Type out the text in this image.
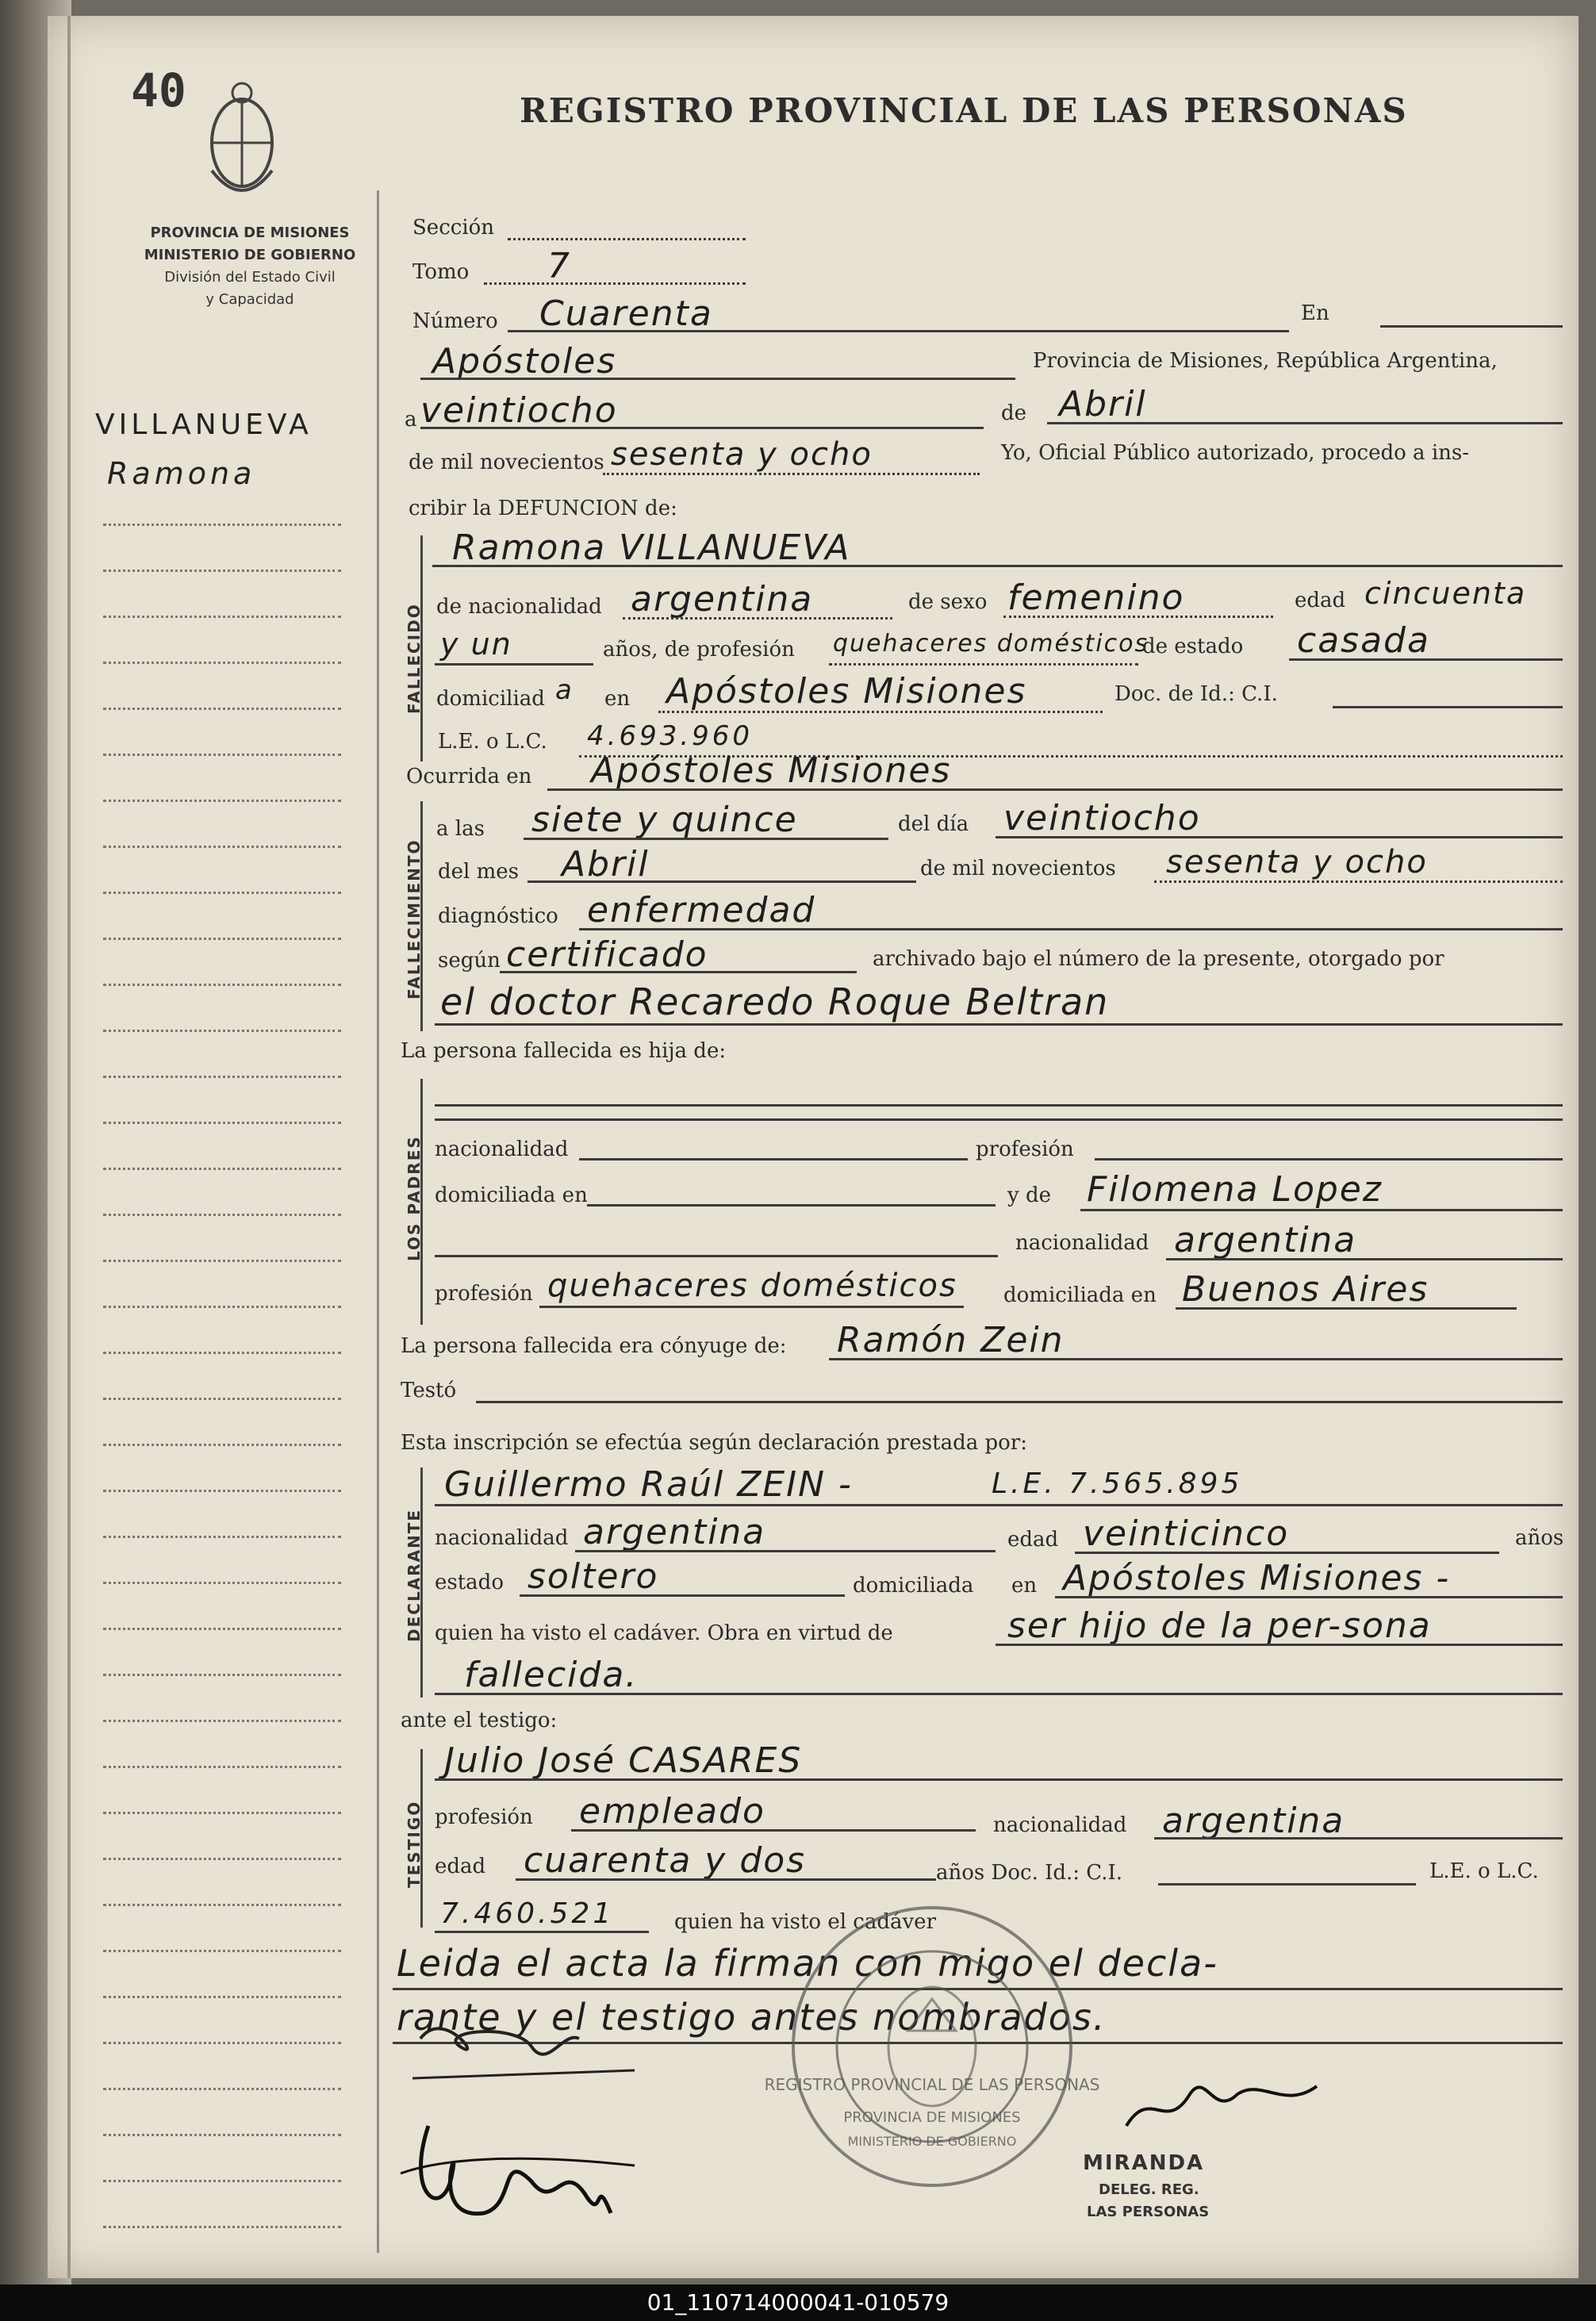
40	REGISTRO PROVINCIAL DE LAS PERSONAS
PROVINCIA DE MISIONES
MINISTERIO DE GOBIERNO
División del Estado Civil
y Capacidad
VILLANUEVA
Ramona
Sección
Tomo 7
Número Cuarenta	En
Apóstoles	Provincia de Misiones, República Argentina,
a veintiocho	de Abril
de mil novecientos sesenta y ocho	Yo, Oficial Público autorizado, procedo a ins-
cribir la DEFUNCION de:
FALLECIDO
Ramona VILLANUEVA
de nacionalidad argentina	de sexo femenino	edad cincuenta
y un	años, de profesión quehaceres domésticos
de estado casada
domiciliad a en Apóstoles Misiones	Doc. de Id.: C.I.
L.E. o L.C. 4.693.960
Ocurrida en Apóstoles Misiones
FALLECIMIENTO
a las siete y quince	del día veintiocho
del mes Abril	de mil novecientos sesenta y ocho
diagnóstico enfermedad
según certificado	archivado bajo el número de la presente, otorgado por
el doctor Recaredo Roque Beltran
La persona fallecida es hija de:
LOS PADRES nacionalidad	profesión
domiciliada en	y de Filomena Lopez
nacionalidad argentina
profesión quehaceres domésticos domiciliada en Buenos Aires
La persona fallecida era cónyuge de: Ramón Zein
Testó
Esta inscripción se efectúa según declaración prestada por:
DECLARANTE
Guillermo Raúl ZEIN -	L.E. 7.565.895
nacionalidad argentina	edad veinticinco	años
estado soltero	domiciliada en Apóstoles Misiones -
quien ha visto el cadáver. Obra en virtud de	ser hijo de la per-sona
fallecida.
ante el testigo:
TESTIGO
Julio José CASARES
profesión empleado	nacionalidad argentina
edad cuarenta y dos	años Doc. Id.: C.I.	L.E. o L.C.
7.460.521	quien ha visto el cadáver
Leida el acta la firman con migo el decla-
rante y el testigo antes nombrados.
REGISTRO PROVINCIAL DE LAS PERSONAS
PROVINCIA DE MISIONES
MINISTERIO DE GOBIERNO
MIRANDA
DELEG. REG.
LAS PERSONAS
01_110714000041-010579
